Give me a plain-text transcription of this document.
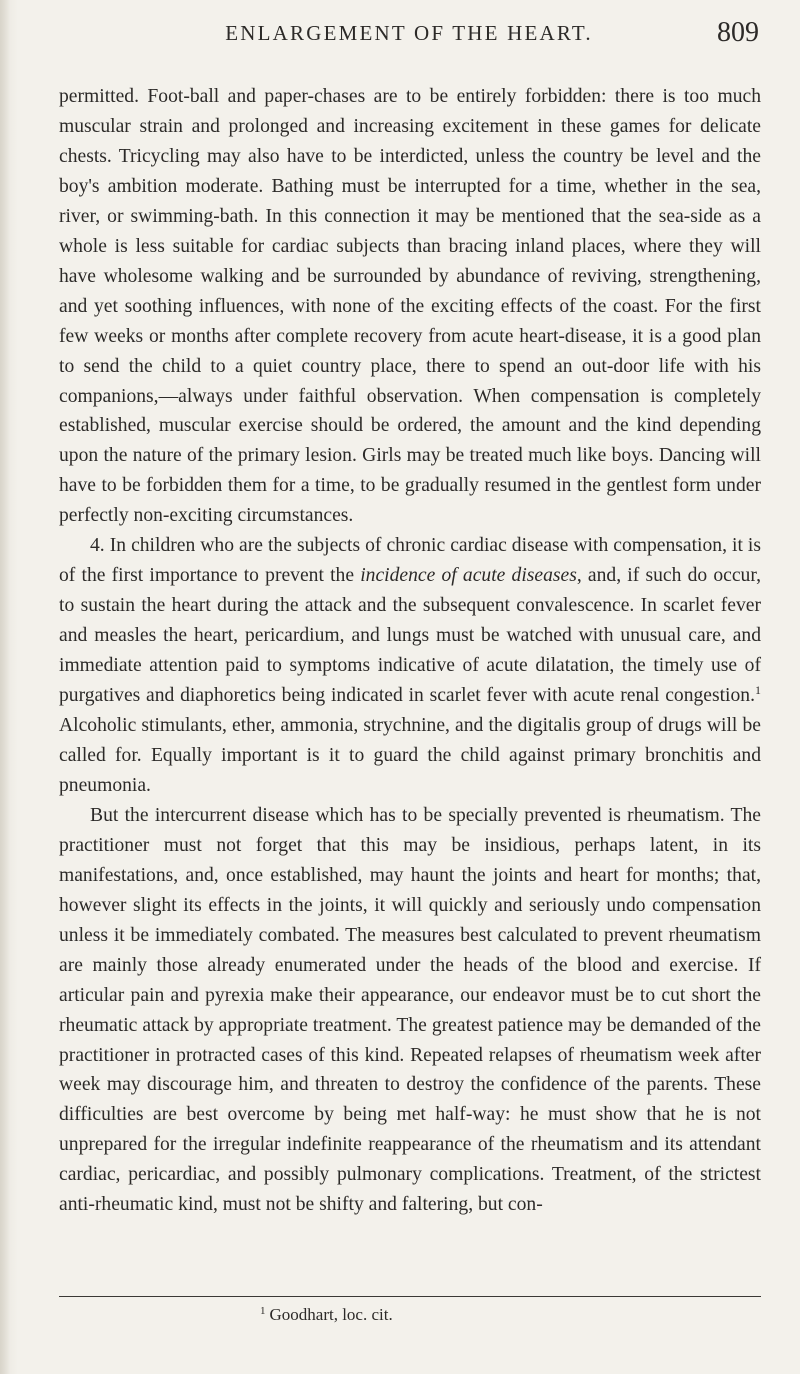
ENLARGEMENT OF THE HEART.	809

permitted. Foot-ball and paper-chases are to be entirely forbidden: there is too much muscular strain and prolonged and increasing excitement in these games for delicate chests. Tricycling may also have to be interdicted, unless the country be level and the boy's ambition moderate. Bathing must be interrupted for a time, whether in the sea, river, or swimming-bath. In this connection it may be mentioned that the sea-side as a whole is less suitable for cardiac subjects than bracing inland places, where they will have wholesome walking and be surrounded by abundance of reviving, strengthening, and yet soothing influences, with none of the exciting effects of the coast. For the first few weeks or months after complete recovery from acute heart-disease, it is a good plan to send the child to a quiet country place, there to spend an out-door life with his companions,—always under faithful observation. When compensation is completely established, muscular exercise should be ordered, the amount and the kind depending upon the nature of the primary lesion. Girls may be treated much like boys. Dancing will have to be forbidden them for a time, to be gradually resumed in the gentlest form under perfectly non-exciting circumstances.

4. In children who are the subjects of chronic cardiac disease with compensation, it is of the first importance to prevent the incidence of acute diseases, and, if such do occur, to sustain the heart during the attack and the subsequent convalescence. In scarlet fever and measles the heart, pericardium, and lungs must be watched with unusual care, and immediate attention paid to symptoms indicative of acute dilatation, the timely use of purgatives and diaphoretics being indicated in scarlet fever with acute renal congestion.$^1$ Alcoholic stimulants, ether, ammonia, strychnine, and the digitalis group of drugs will be called for. Equally important is it to guard the child against primary bronchitis and pneumonia.

But the intercurrent disease which has to be specially prevented is rheumatism. The practitioner must not forget that this may be insidious, perhaps latent, in its manifestations, and, once established, may haunt the joints and heart for months; that, however slight its effects in the joints, it will quickly and seriously undo compensation unless it be immediately combated. The measures best calculated to prevent rheumatism are mainly those already enumerated under the heads of the blood and exercise. If articular pain and pyrexia make their appearance, our endeavor must be to cut short the rheumatic attack by appropriate treatment. The greatest patience may be demanded of the practitioner in protracted cases of this kind. Repeated relapses of rheumatism week after week may discourage him, and threaten to destroy the confidence of the parents. These difficulties are best overcome by being met half-way: he must show that he is not unprepared for the irregular indefinite reappearance of the rheumatism and its attendant cardiac, pericardiac, and possibly pulmonary complications. Treatment, of the strictest anti-rheumatic kind, must not be shifty and faltering, but con-

$^1$ Goodhart, loc. cit.
